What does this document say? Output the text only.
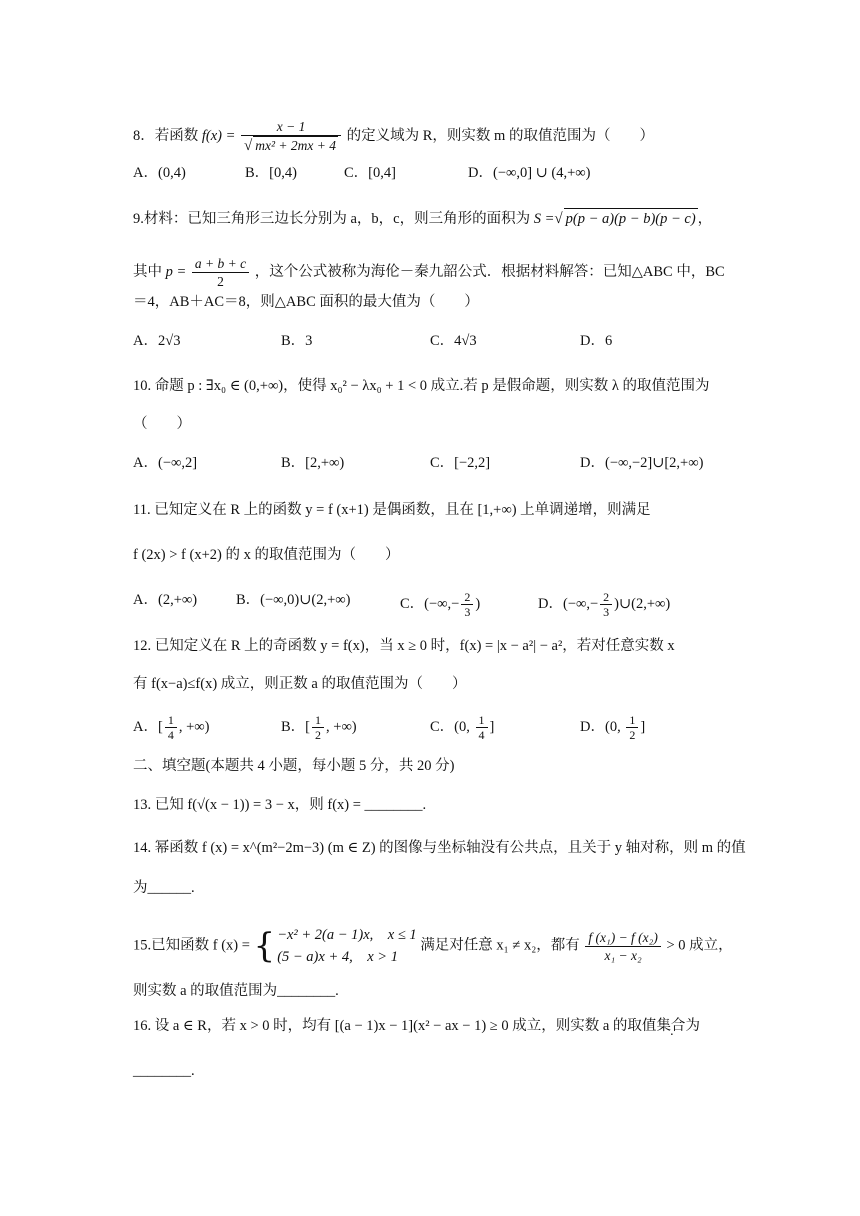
8．若函数 $f(x) = \frac{x - 1}{\text{√ mx² + 2mx + 4}}$ 的定义域为 R，则实数 m 的取值范围为（　　）
A．(0,4)	B．[0,4)	C．[0,4]	D．(−∞,0] ∪ (4,+∞)
9.材料：已知三角形三边长分别为 a，b，c，则三角形的面积为 S =√ p(p − a)(p − b)(p − c) ，
其中 $p = \frac{a + b + c}{2}$ ，这个公式被称为海伦－秦九韶公式．根据材料解答：已知△ABC 中，BC
＝4，AB＋AC＝8，则△ABC 面积的最大值为（　　）
A．2√3	B．3	C．4√3	D．6
10. 命题 p : ∃x₀ ∈ (0,+∞)，使得 x₀² − λx₀ + 1 < 0 成立.若 p 是假命题，则实数 λ 的取值范围为
（　　）
A．(−∞,2]	B．[2,+∞)	C．[−2,2]	D．(−∞,−2]∪[2,+∞)
11. 已知定义在 R 上的函数 y = f (x+1) 是偶函数，且在 [1,+∞) 上单调递增，则满足
f (2x) > f (x+2) 的 x 的取值范围为（　　）
A．(2,+∞)	B．(−∞,0)∪(2,+∞)	C．(−∞,− $\frac{2}{3}$ )	D．(−∞,− $\frac{2}{3}$ )∪(2,+∞)
12. 已知定义在 R 上的奇函数 y = f(x)，当 x ≥ 0 时，f(x) = |x − a²| − a²，若对任意实数 x
有 f(x−a)≤f(x) 成立，则正数 a 的取值范围为（　　）
A．[ $\frac{1}{4}$ , +∞)	B．[ $\frac{1}{2}$ , +∞)	C．(0, $\frac{1}{4}$ ]	D．(0, $\frac{1}{2}$ ]
二、填空题(本题共 4 小题，每小题 5 分，共 20 分)
13. 已知 f(√(x − 1)) = 3 − x，则 f(x) = ________.
14. 幂函数 f (x) = x^(m²−2m−3) (m ∈ Z) 的图像与坐标轴没有公共点，且关于 y 轴对称，则 m 的值
为______.
15.已知函数 f (x) = { −x² + 2(a − 1)x,　x ≤ 1
(5 − a)x + 4,　x > 1
满足对任意 x₁ ≠ x₂，都有 $\frac{\text{f (x₁) − f (x₂)}}{\text{x₁ − x₂}} > 0$ 成立，
则实数 a 的取值范围为________.
16. 设 a ∈ R，若 x > 0 时，均有 [(a − 1)x − 1](x² − ax − 1) ≥ 0 成立，则实数 a 的取值集合为
________.
